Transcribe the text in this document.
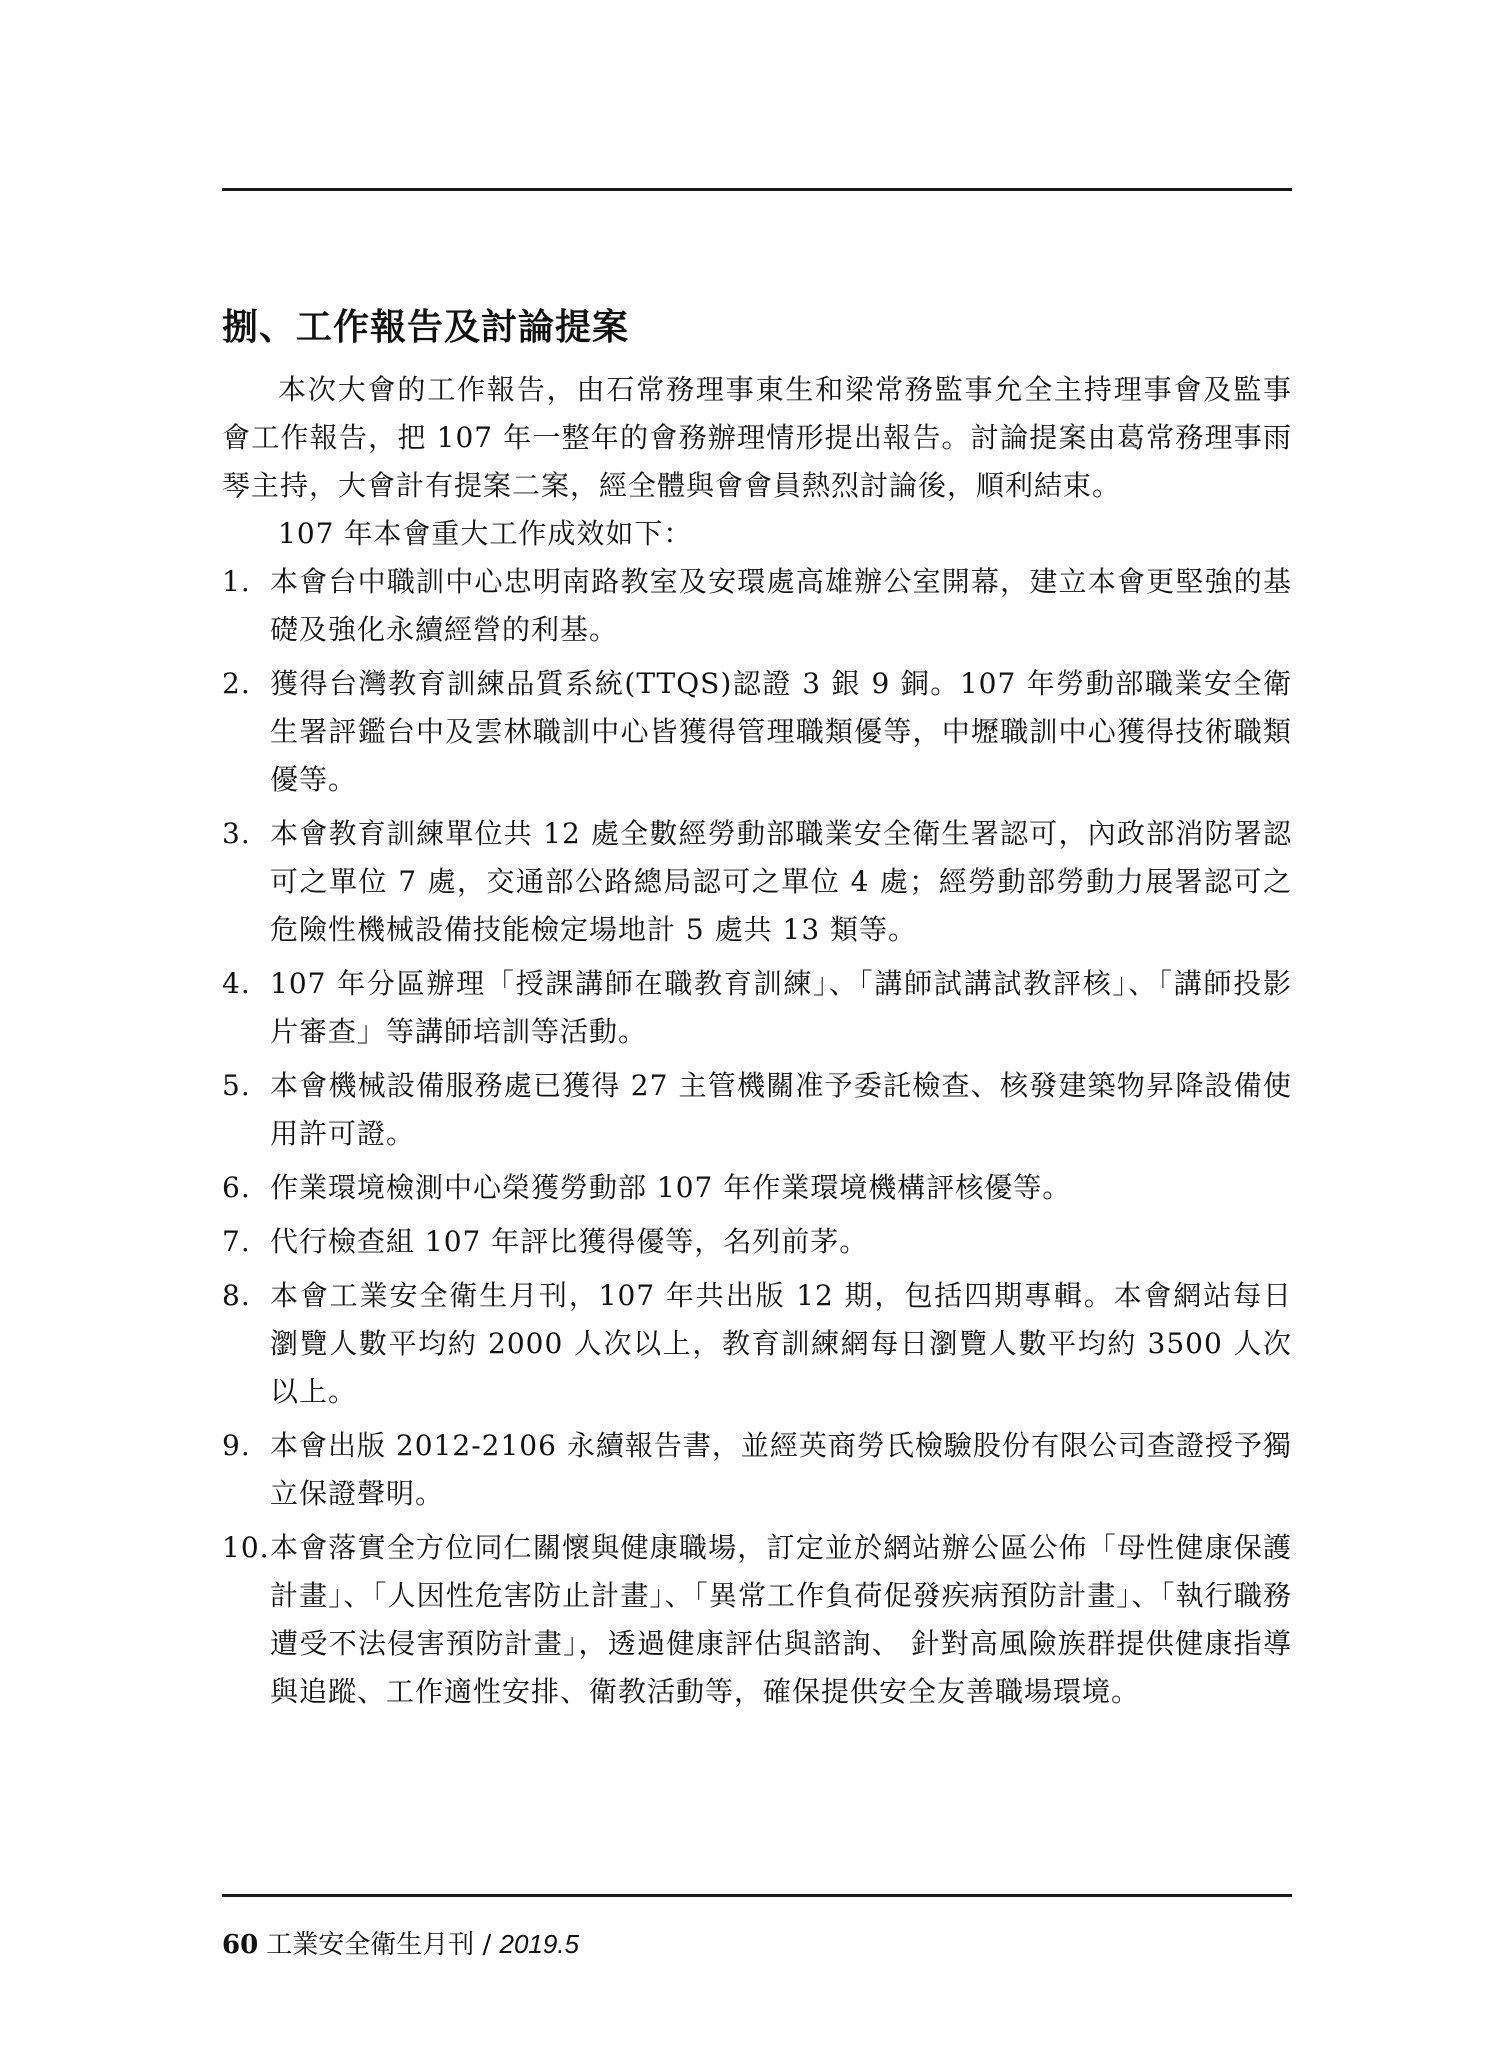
捌、工作報告及討論提案

本次大會的工作報告，由石常務理事東生和梁常務監事允全主持理事會及監事會工作報告，把 107 年一整年的會務辦理情形提出報告。討論提案由葛常務理事雨琴主持，大會計有提案二案，經全體與會會員熱烈討論後，順利結束。

107 年本會重大工作成效如下：

1. 本會台中職訓中心忠明南路教室及安環處高雄辦公室開幕，建立本會更堅強的基礎及強化永續經營的利基。
2. 獲得台灣教育訓練品質系統(TTQS)認證 3 銀 9 銅。107 年勞動部職業安全衛生署評鑑台中及雲林職訓中心皆獲得管理職類優等，中壢職訓中心獲得技術職類優等。
3. 本會教育訓練單位共 12 處全數經勞動部職業安全衛生署認可，內政部消防署認可之單位 7 處，交通部公路總局認可之單位 4 處；經勞動部勞動力展署認可之危險性機械設備技能檢定場地計 5 處共 13 類等。
4. 107 年分區辦理「授課講師在職教育訓練」、「講師試講試教評核」、「講師投影片審查」等講師培訓等活動。
5. 本會機械設備服務處已獲得 27 主管機關准予委託檢查、核發建築物昇降設備使用許可證。
6. 作業環境檢測中心榮獲勞動部 107 年作業環境機構評核優等。
7. 代行檢查組 107 年評比獲得優等，名列前茅。
8. 本會工業安全衛生月刊，107 年共出版 12 期，包括四期專輯。本會網站每日瀏覽人數平均約 2000 人次以上，教育訓練網每日瀏覽人數平均約 3500 人次以上。
9. 本會出版 2012-2106 永續報告書，並經英商勞氏檢驗股份有限公司查證授予獨立保證聲明。
10. 本會落實全方位同仁關懷與健康職場，訂定並於網站辦公區公佈「母性健康保護計畫」、「人因性危害防止計畫」、「異常工作負荷促發疾病預防計畫」、「執行職務遭受不法侵害預防計畫」，透過健康評估與諮詢、 針對高風險族群提供健康指導與追蹤、工作適性安排、衛教活動等，確保提供安全友善職場環境。
60 工業安全衛生月刊 / 2019.5
